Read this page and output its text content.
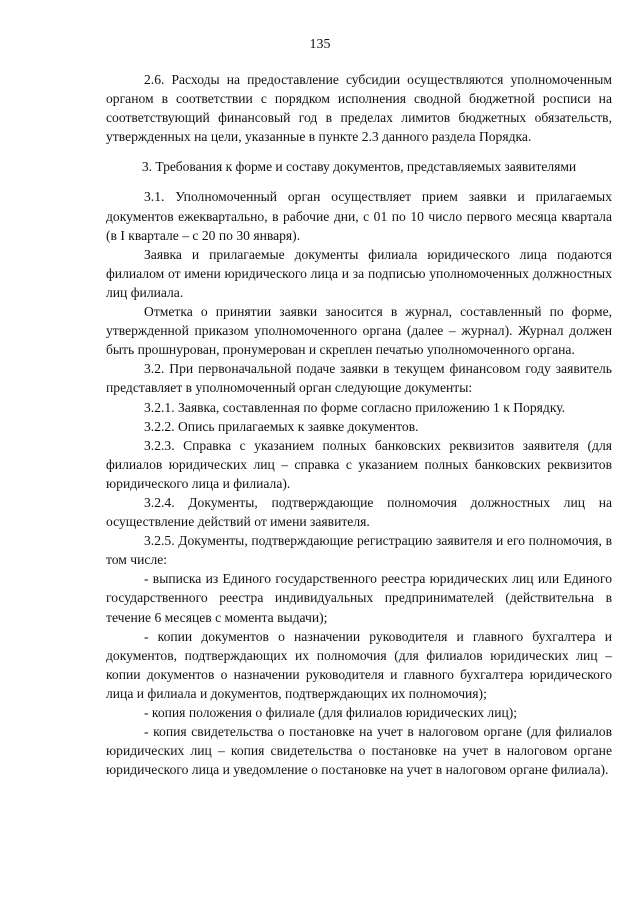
135

2.6. Расходы на предоставление субсидии осуществляются уполномоченным органом в соответствии с порядком исполнения сводной бюджетной росписи на соответствующий финансовый год в пределах лимитов бюджетных обязательств, утвержденных на цели, указанные в пункте 2.3 данного раздела Порядка.

3. Требования к форме и составу документов, представляемых заявителями

3.1. Уполномоченный орган осуществляет прием заявки и прилагаемых документов ежеквартально, в рабочие дни, с 01 по 10 число первого месяца квартала (в I квартале – с 20 по 30 января).

Заявка и прилагаемые документы филиала юридического лица подаются филиалом от имени юридического лица и за подписью уполномоченных должностных лиц филиала.

Отметка о принятии заявки заносится в журнал, составленный по форме, утвержденной приказом уполномоченного органа (далее – журнал). Журнал должен быть прошнурован, пронумерован и скреплен печатью уполномоченного органа.

3.2. При первоначальной подаче заявки в текущем финансовом году заявитель представляет в уполномоченный орган следующие документы:

3.2.1. Заявка, составленная по форме согласно приложению 1 к Порядку.

3.2.2. Опись прилагаемых к заявке документов.

3.2.3. Справка с указанием полных банковских реквизитов заявителя (для филиалов юридических лиц – справка с указанием полных банковских реквизитов юридического лица и филиала).

3.2.4. Документы, подтверждающие полномочия должностных лиц на осуществление действий от имени заявителя.

3.2.5. Документы, подтверждающие регистрацию заявителя и его полномочия, в том числе:

- выписка из Единого государственного реестра юридических лиц или Единого государственного реестра индивидуальных предпринимателей (действительна в течение 6 месяцев с момента выдачи);

- копии документов о назначении руководителя и главного бухгалтера и документов, подтверждающих их полномочия (для филиалов юридических лиц – копии документов о назначении руководителя и главного бухгалтера юридического лица и филиала и документов, подтверждающих их полномочия);

- копия положения о филиале (для филиалов юридических лиц);

- копия свидетельства о постановке на учет в налоговом органе (для филиалов юридических лиц – копия свидетельства о постановке на учет в налоговом органе юридического лица и уведомление о постановке на учет в налоговом органе филиала).
